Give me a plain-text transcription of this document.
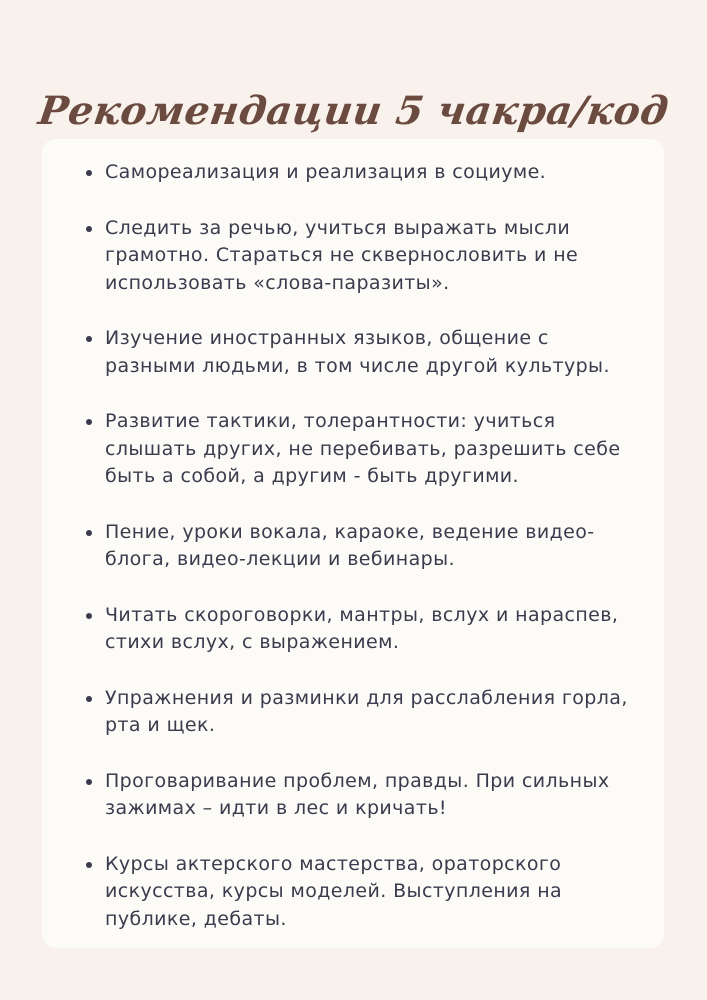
Рекомендации 5 чакра/код
Самореализация и реализация в социуме.
Следить за речью, учиться выражать мысли
грамотно. Стараться не сквернословить и не
использовать «слова-паразиты».
Изучение иностранных языков, общение с
разными людьми, в том числе другой культуры.
Развитие тактики, толерантности: учиться
слышать других, не перебивать, разрешить себе
быть а собой, а другим - быть другими.
Пение, уроки вокала, караоке, ведение видео-
блога, видео-лекции и вебинары.
Читать скороговорки, мантры, вслух и нараспев,
стихи вслух, с выражением.
Упражнения и разминки для расслабления горла,
рта и щек.
Проговаривание проблем, правды. При сильных
зажимах – идти в лес и кричать!
Курсы актерского мастерства, ораторского
искусства, курсы моделей. Выступления на
публике, дебаты.
